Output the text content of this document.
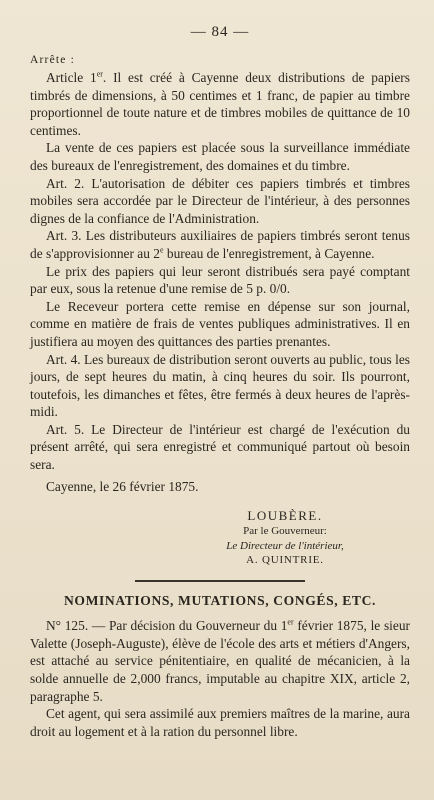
— 84 —
Arrête :

Article 1er. Il est créé à Cayenne deux distributions de papiers timbrés de dimensions, à 50 centimes et 1 franc, de papier au timbre proportionnel de toute nature et de timbres mobiles de quittance de 10 centimes.

La vente de ces papiers est placée sous la surveillance immédiate des bureaux de l'enregistrement, des domaines et du timbre.

Art. 2. L'autorisation de débiter ces papiers timbrés et timbres mobiles sera accordée par le Directeur de l'intérieur, à des personnes dignes de la confiance de l'Administration.

Art. 3. Les distributeurs auxiliaires de papiers timbrés seront tenus de s'approvisionner au 2e bureau de l'enregistrement, à Cayenne.

Le prix des papiers qui leur seront distribués sera payé comptant par eux, sous la retenue d'une remise de 5 p. 0/0.

Le Receveur portera cette remise en dépense sur son journal, comme en matière de frais de ventes publiques administratives. Il en justifiera au moyen des quittances des parties prenantes.

Art. 4. Les bureaux de distribution seront ouverts au public, tous les jours, de sept heures du matin, à cinq heures du soir. Ils pourront, toutefois, les dimanches et fêtes, être fermés à deux heures de l'après-midi.

Art. 5. Le Directeur de l'intérieur est chargé de l'exécution du présent arrêté, qui sera enregistré et communiqué partout où besoin sera.

Cayenne, le 26 février 1875.

LOUBÈRE.
Par le Gouverneur:
Le Directeur de l'intérieur,
A. QUINTRIE.
NOMINATIONS, MUTATIONS, CONGÉS, ETC.

N° 125. — Par décision du Gouverneur du 1er février 1875, le sieur Valette (Joseph-Auguste), élève de l'école des arts et métiers d'Angers, est attaché au service pénitentiaire, en qualité de mécanicien, à la solde annuelle de 2,000 francs, imputable au chapitre XIX, article 2, paragraphe 5.

Cet agent, qui sera assimilé aux premiers maîtres de la marine, aura droit au logement et à la ration du personnel libre.
